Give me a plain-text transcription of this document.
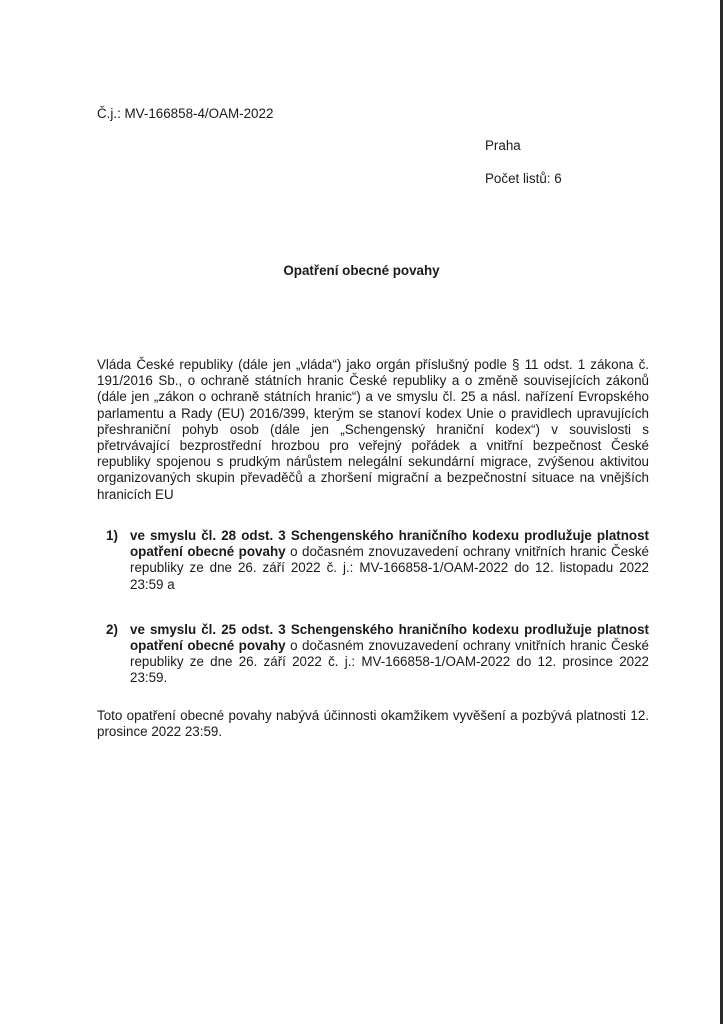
Č.j.: MV-166858-4/OAM-2022

Praha

Počet listů: 6

Opatření obecné povahy

Vláda České republiky (dále jen „vláda“) jako orgán příslušný podle § 11 odst. 1 zákona č. 191/2016 Sb., o ochraně státních hranic České republiky a o změně souvisejících zákonů (dále jen „zákon o ochraně státních hranic“) a ve smyslu čl. 25 a násl. nařízení Evropského parlamentu a Rady (EU) 2016/399, kterým se stanoví kodex Unie o pravidlech upravujících přeshraniční pohyb osob (dále jen „Schengenský hraniční kodex“) v souvislosti s přetrvávající bezprostřední hrozbou pro veřejný pořádek a vnitřní bezpečnost České republiky spojenou s prudkým nárůstem nelegální sekundární migrace, zvýšenou aktivitou organizovaných skupin převaděčů a zhoršení migrační a bezpečnostní situace na vnějších hranicích EU

1) ve smyslu čl. 28 odst. 3 Schengenského hraničního kodexu prodlužuje platnost opatření obecné povahy o dočasném znovuzavedení ochrany vnitřních hranic České republiky ze dne 26. září 2022 č. j.: MV-166858-1/OAM-2022 do 12. listopadu 2022 23:59 a
2) ve smyslu čl. 25 odst. 3 Schengenského hraničního kodexu prodlužuje platnost opatření obecné povahy o dočasném znovuzavedení ochrany vnitřních hranic České republiky ze dne 26. září 2022 č. j.: MV-166858-1/OAM-2022 do 12. prosince 2022 23:59.

Toto opatření obecné povahy nabývá účinnosti okamžikem vyvěšení a pozbývá platnosti 12. prosince 2022 23:59.
